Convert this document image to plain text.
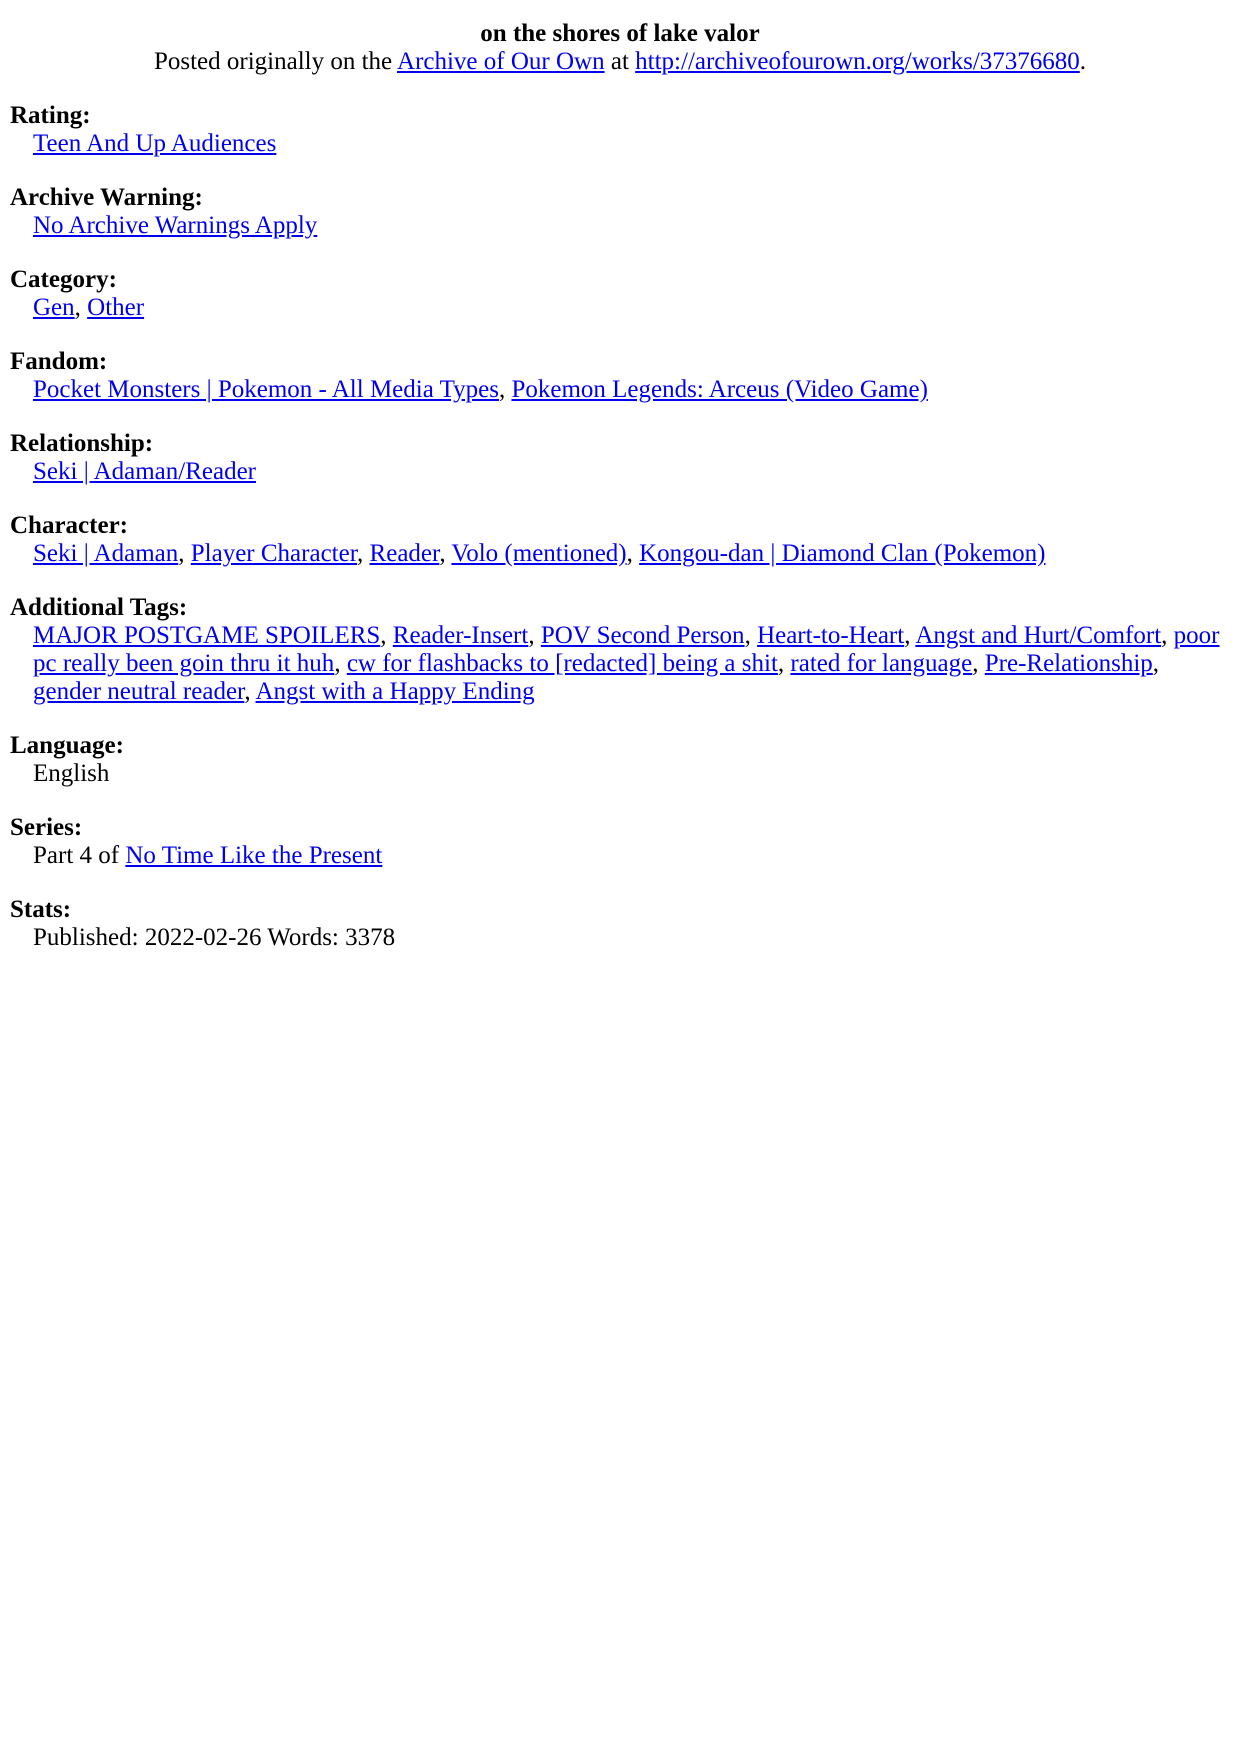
on the shores of lake valor

Posted originally on the Archive of Our Own at http://archiveofourown.org/works/37376680.

Rating:
Teen And Up Audiences
Archive Warning:
No Archive Warnings Apply
Category:
Gen, Other
Fandom:
Pocket Monsters | Pokemon - All Media Types, Pokemon Legends: Arceus (Video Game)
Relationship:
Seki | Adaman/Reader
Character:
Seki | Adaman, Player Character, Reader, Volo (mentioned), Kongou-dan | Diamond Clan (Pokemon)
Additional Tags:
MAJOR POSTGAME SPOILERS, Reader-Insert, POV Second Person, Heart-to-Heart, Angst and Hurt/Comfort, poor pc really been goin thru it huh, cw for flashbacks to [redacted] being a shit, rated for language, Pre-Relationship, gender neutral reader, Angst with a Happy Ending
Language:
English
Series:
Part 4 of No Time Like the Present
Stats:
Published: 2022-02-26 Words: 3378
